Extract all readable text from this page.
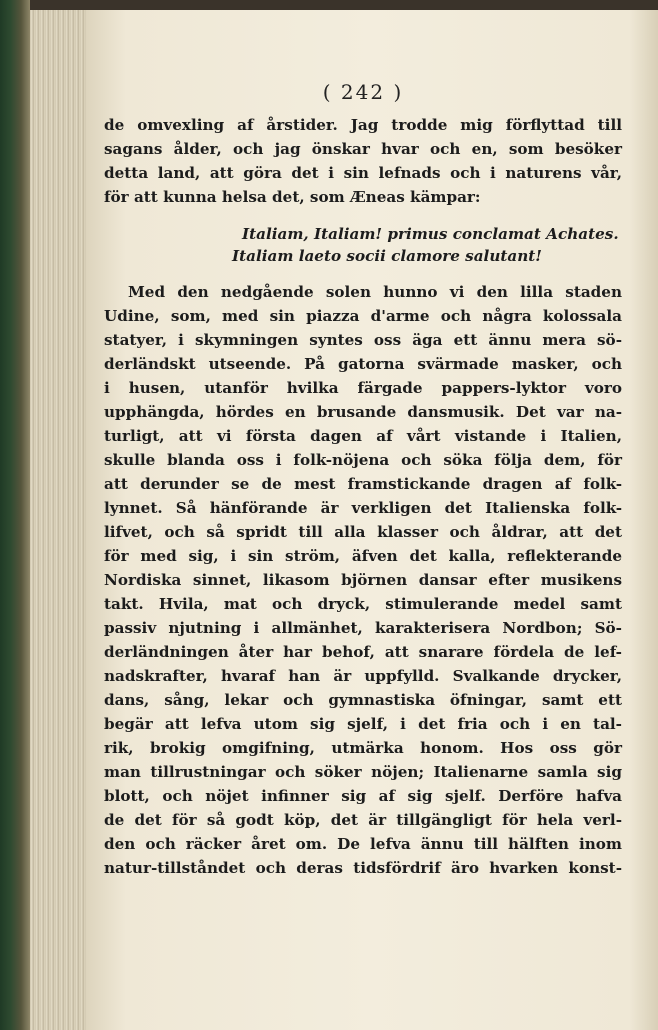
( 242 )
de omvexling af årstider. Jag trodde mig förflyttad till
sagans ålder, och jag önskar hvar och en, som besöker
detta land, att göra det i sin lefnads och i naturens vår,
för att kunna helsa det, som Æneas kämpar:
Italiam, Italiam! primus conclamat Achates.
Italiam laeto socii clamore salutant!
Med den nedgående solen hunno vi den lilla staden
Udine, som, med sin piazza d'arme och några kolossala
statyer, i skymningen syntes oss äga ett ännu mera sö-
derländskt utseende. På gatorna svärmade masker, och
i husen, utanför hvilka färgade pappers-lyktor voro
upphängda, hördes en brusande dansmusik. Det var na-
turligt, att vi första dagen af vårt vistande i Italien,
skulle blanda oss i folk-nöjena och söka följa dem, för
att derunder se de mest framstickande dragen af folk-
lynnet. Så hänförande är verkligen det Italienska folk-
lifvet, och så spridt till alla klasser och åldrar, att det
för med sig, i sin ström, äfven det kalla, reflekterande
Nordiska sinnet, likasom björnen dansar efter musikens
takt. Hvila, mat och dryck, stimulerande medel samt
passiv njutning i allmänhet, karakterisera Nordbon; Sö-
derländningen åter har behof, att snarare fördela de lef-
nadskrafter, hvaraf han är uppfylld. Svalkande drycker,
dans, sång, lekar och gymnastiska öfningar, samt ett
begär att lefva utom sig sjelf, i det fria och i en tal-
rik, brokig omgifning, utmärka honom. Hos oss gör
man tillrustningar och söker nöjen; Italienarne samla sig
blott, och nöjet infinner sig af sig sjelf. Derföre hafva
de det för så godt köp, det är tillgängligt för hela verl-
den och räcker året om. De lefva ännu till hälften inom
natur-tillståndet och deras tidsfördrif äro hvarken konst-
